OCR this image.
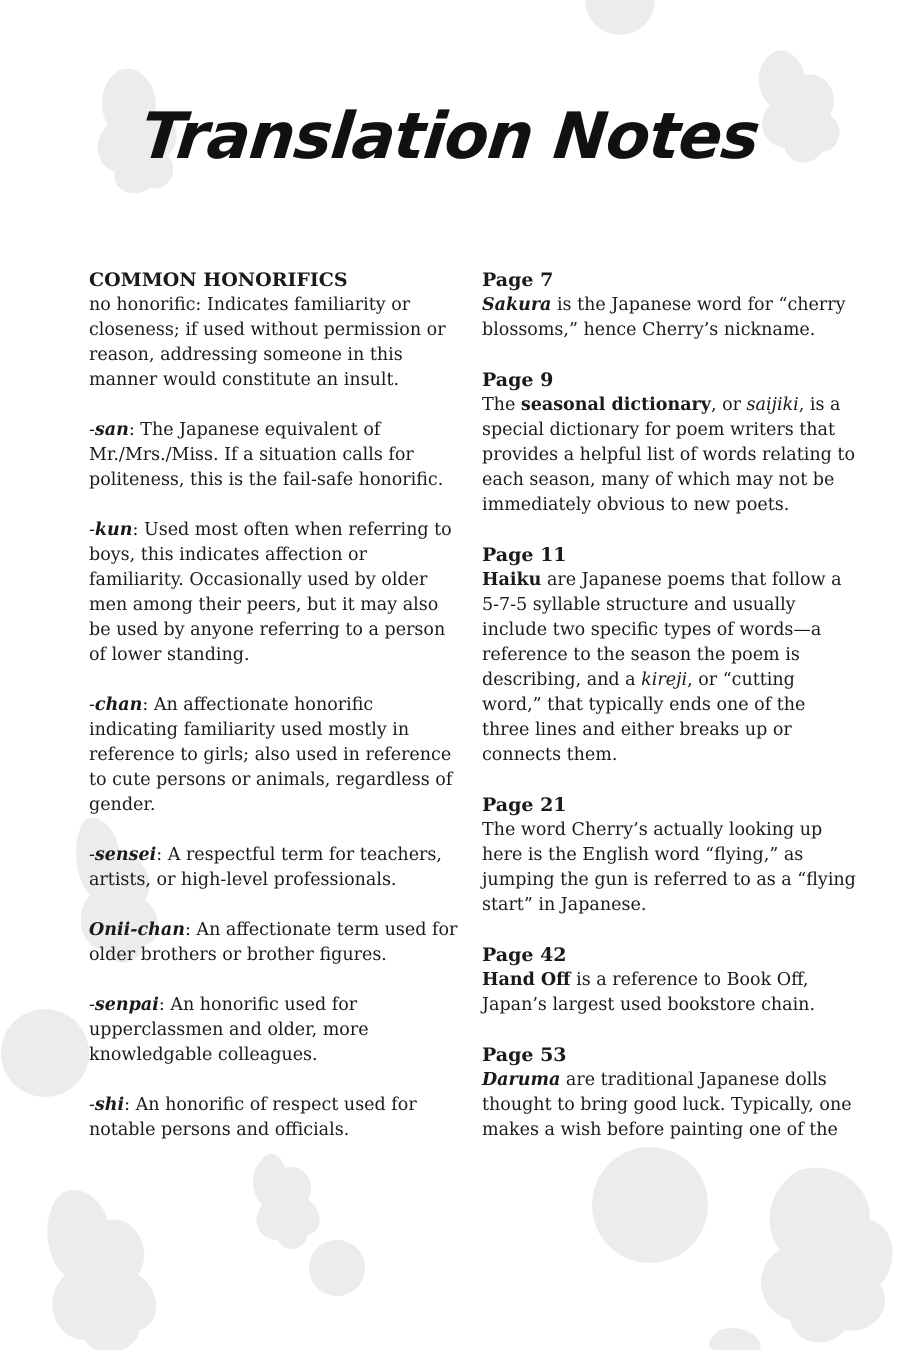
Translation Notes
COMMON HONORIFICS

no honorific: Indicates familiarity or closeness; if used without permission or reason, addressing someone in this manner would constitute an insult.

-san: The Japanese equivalent of Mr./Mrs./Miss. If a situation calls for politeness, this is the fail-safe honorific.

-kun: Used most often when referring to boys, this indicates affection or familiarity. Occasionally used by older men among their peers, but it may also be used by anyone referring to a person of lower standing.

-chan: An affectionate honorific indicating familiarity used mostly in reference to girls; also used in reference to cute persons or animals, regardless of gender.

-sensei: A respectful term for teachers, artists, or high-level professionals.

Onii-chan: An affectionate term used for older brothers or brother figures.

-senpai: An honorific used for upperclassmen and older, more knowledgable colleagues.

-shi: An honorific of respect used for notable persons and officials.

Page 7

Sakura is the Japanese word for “cherry blossoms,” hence Cherry’s nickname.

Page 9

The seasonal dictionary, or saijiki, is a special dictionary for poem writers that provides a helpful list of words relating to each season, many of which may not be immediately obvious to new poets.

Page 11

Haiku are Japanese poems that follow a 5-7-5 syllable structure and usually include two specific types of words—a reference to the season the poem is describing, and a kireji, or “cutting word,” that typically ends one of the three lines and either breaks up or connects them.

Page 21

The word Cherry’s actually looking up here is the English word “flying,” as jumping the gun is referred to as a “flying start” in Japanese.

Page 42

Hand Off is a reference to Book Off, Japan’s largest used bookstore chain.

Page 53

Daruma are traditional Japanese dolls thought to bring good luck. Typically, one makes a wish before painting one of the
